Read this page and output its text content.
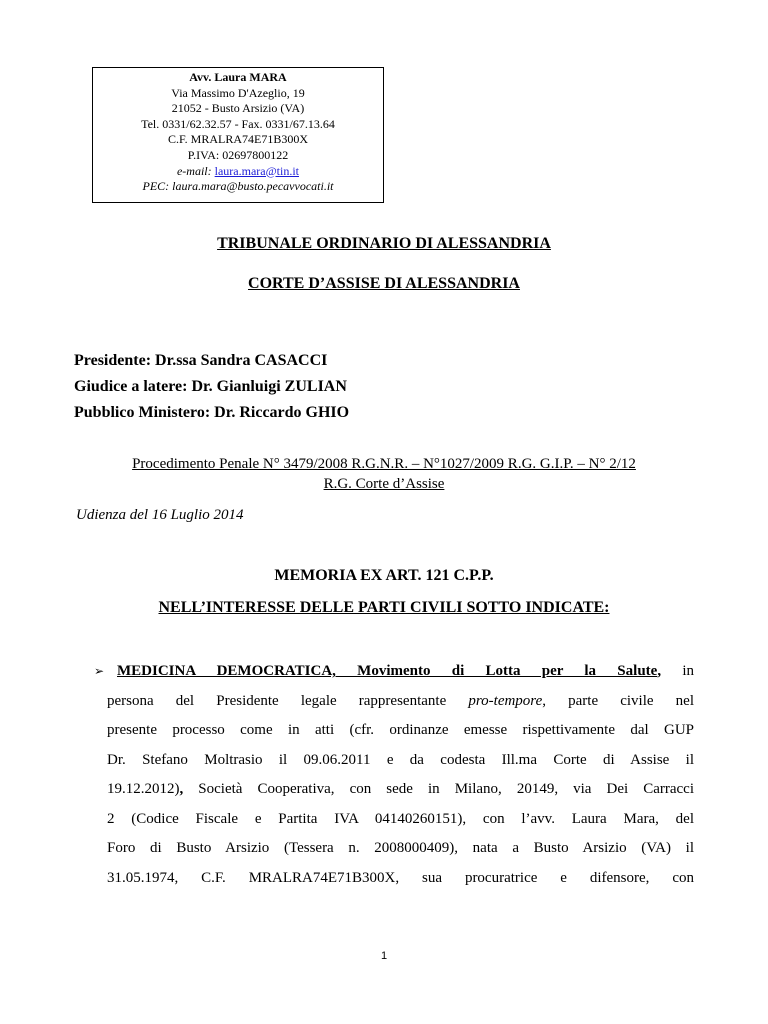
Avv. Laura MARA
Via Massimo D'Azeglio, 19
21052 - Busto Arsizio (VA)
Tel. 0331/62.32.57 - Fax. 0331/67.13.64
C.F. MRALRA74E71B300X
P.IVA: 02697800122
e-mail: laura.mara@tin.it
PEC: laura.mara@busto.pecavvocati.it
TRIBUNALE ORDINARIO DI ALESSANDRIA
CORTE D’ASSISE DI ALESSANDRIA
Presidente: Dr.ssa Sandra CASACCI
Giudice a latere: Dr. Gianluigi ZULIAN
Pubblico Ministero: Dr. Riccardo GHIO
Procedimento Penale N° 3479/2008 R.G.N.R. – N°1027/2009 R.G. G.I.P. – N° 2/12
R.G. Corte d’Assise
Udienza del 16 Luglio 2014
MEMORIA EX ART. 121 C.P.P.
NELL’INTERESSE DELLE PARTI CIVILI SOTTO INDICATE:
➢ MEDICINA DEMOCRATICA, Movimento di Lotta per la Salute, in
persona del Presidente legale rappresentante pro-tempore, parte civile nel
presente processo come in atti (cfr. ordinanze emesse rispettivamente dal GUP
Dr. Stefano Moltrasio il 09.06.2011 e da codesta Ill.ma Corte di Assise il
19.12.2012), Società Cooperativa, con sede in Milano, 20149, via Dei Carracci
2 (Codice Fiscale e Partita IVA 04140260151), con l’avv. Laura Mara, del
Foro di Busto Arsizio (Tessera n. 2008000409), nata a Busto Arsizio (VA) il
31.05.1974, C.F. MRALRA74E71B300X, sua procuratrice e difensore, con
1
